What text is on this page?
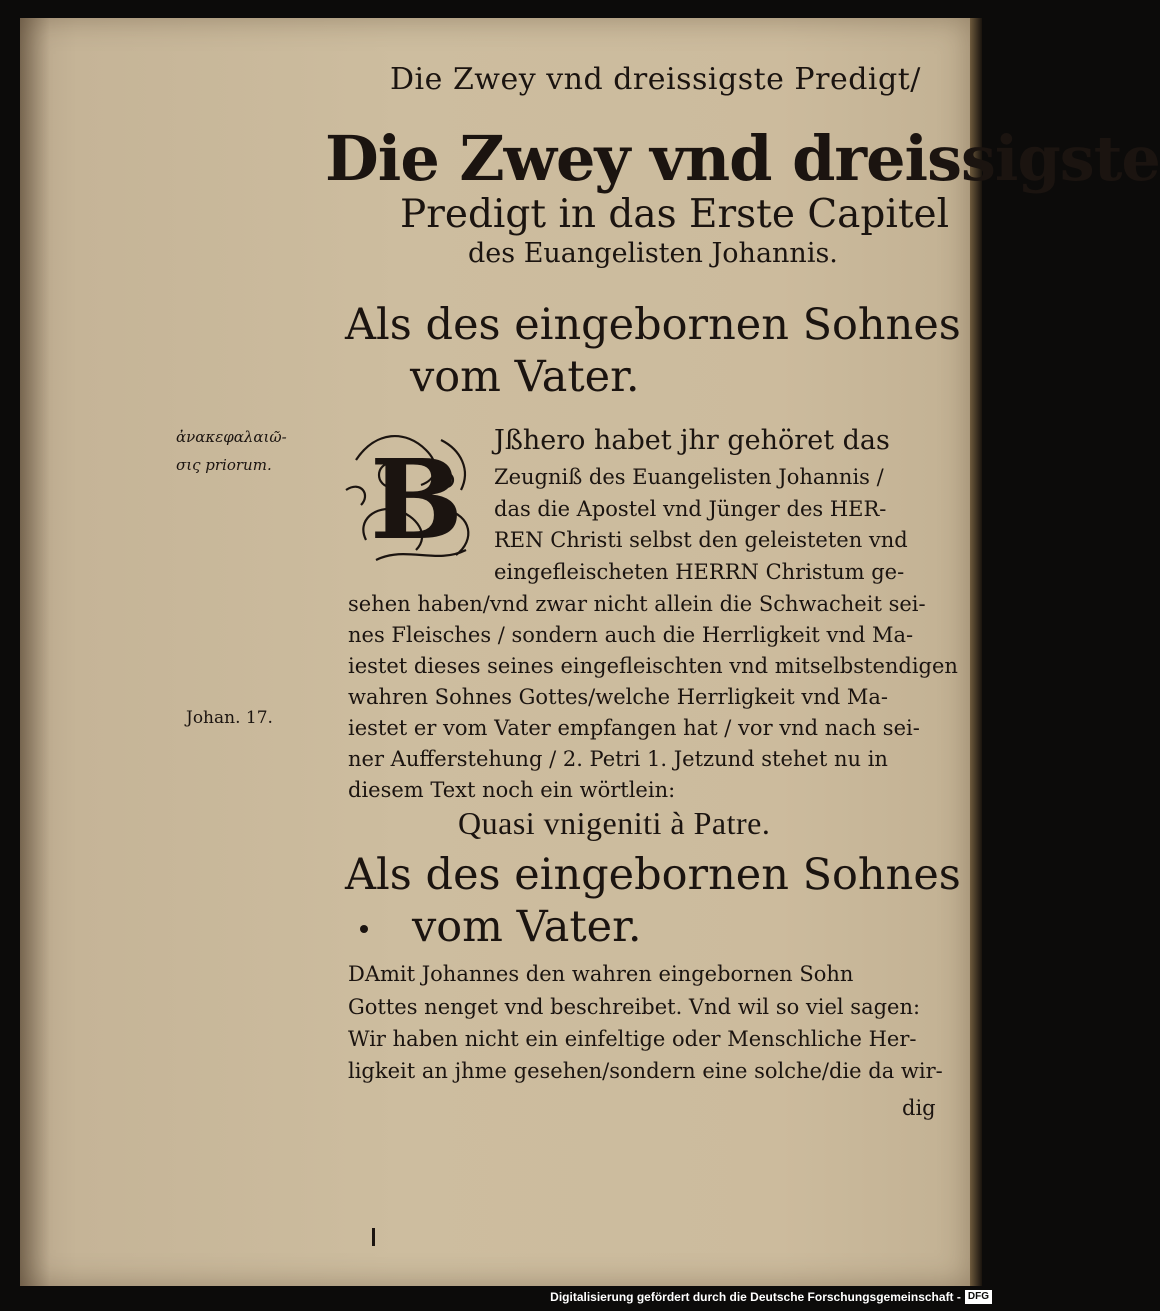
Die Zwey vnd dreissigste Predigt/

Die Zwey vnd dreissigste

Predigt in das Erste Capitel

des Euangelisten Johannis.

Als des eingebornen Sohnes

vom Vater.

ἀνακεφαλαιῶ-

σις priorum.

Johan. 17.

B Jßhero habet jhr gehöret das

Zeugniß des Euangelisten Johannis /

das die Apostel vnd Jünger des HER-

REN Christi selbst den geleisteten vnd

eingefleischeten HERRN Christum ge-

sehen haben/vnd zwar nicht allein die Schwacheit sei-

nes Fleisches / sondern auch die Herrligkeit vnd Ma-

iestet dieses seines eingefleischten vnd mitselbstendigen

wahren Sohnes Gottes/welche Herrligkeit vnd Ma-

iestet er vom Vater empfangen hat / vor vnd nach sei-

ner Aufferstehung / 2. Petri 1. Jetzund stehet nu in

diesem Text noch ein wörtlein:

Quasi vnigeniti à Patre.

Als des eingebornen Sohnes

vom Vater.

DAmit Johannes den wahren eingebornen Sohn

Gottes nenget vnd beschreibet. Vnd wil so viel sagen:

Wir haben nicht ein einfeltige oder Menschliche Her-

ligkeit an jhme gesehen/sondern eine solche/die da wir-

dig

Digitalisierung gefördert durch die Deutsche Forschungsgemeinschaft - DFG
